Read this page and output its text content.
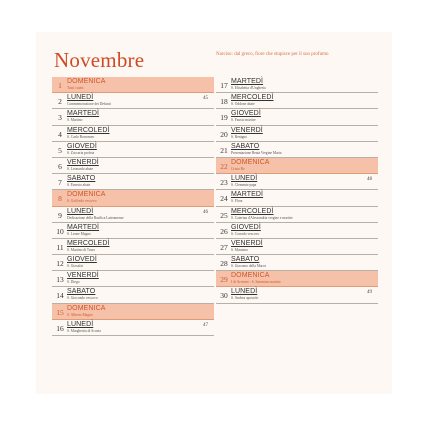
Novembre	Narciso: dal greco, fiore che stupisce per il suo profumo
1 DOMENICA
Tutti i santi
2 LUNEDÌ
Commemorazione dei Defunti
45
3 MARTEDÌ
S. Martino
4 MERCOLEDÌ
S. Carlo Borromeo
5 GIOVEDÌ
S. Zaccaria profeta
6 VENERDÌ
S. Leonardo abate
7 SABATO
S. Ernesto abate
8 DOMENICA
S. Goffredo vescovo
9 LUNEDÌ
Dedicazione della Basilica Lateranense
46
10 MARTEDÌ
S. Leone Magno
11 MERCOLEDÌ
S. Martino di Tours
12 GIOVEDÌ
S. Giosafat
13 VENERDÌ
S. Diego
14 SABATO
S. Giocondo vescovo
15 DOMENICA
S. Alberto Magno
16 LUNEDÌ
S. Margherita di Scozia
47
17 MARTEDÌ
S. Elisabetta d'Ungheria
18 MERCOLEDÌ
S. Oddone abate
19 GIOVEDÌ
S. Fausto martire
20 VENERDÌ
S. Benigno
21 SABATO
Presentazione Beata Vergine Maria
22 DOMENICA
Cristo Re
23 LUNEDÌ
S. Clemente papa
48
24 MARTEDÌ
S. Flora
25 MERCOLEDÌ
S. Caterina d'Alessandria vergine e martire
26 GIOVEDÌ
S. Corrado vescovo
27 VENERDÌ
S. Massimo
28 SABATO
S. Giacomo della Marca
29 DOMENICA
I di Avvento - S. Saturnino martire
30 LUNEDÌ
S. Andrea apostolo
49
